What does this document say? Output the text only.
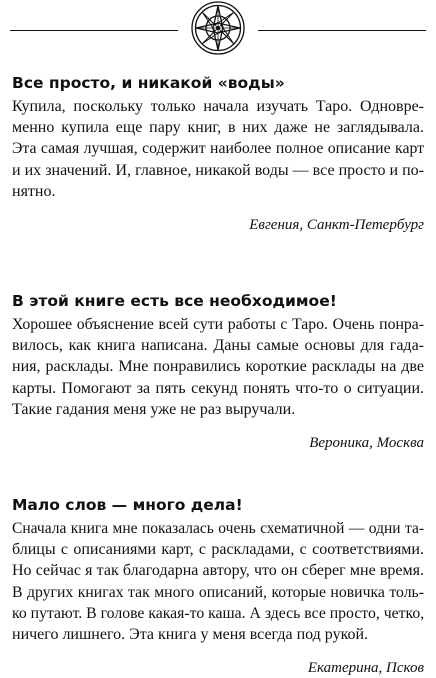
Все просто, и никакой «воды»

Купила, поскольку только начала изучать Таро. Одновре-
менно купила еще пару книг, в них даже не заглядывала.
Эта самая лучшая, содержит наиболее полное описание карт
и их значений. И, главное, никакой воды — все просто и по-
нятно.

Евгения, Санкт-Петербург
В этой книге есть все необходимое!

Хорошее объяснение всей сути работы с Таро. Очень понра-
вилось, как книга написана. Даны самые основы для гада-
ния, расклады. Мне понравились короткие расклады на две
карты. Помогают за пять секунд понять что-то о ситуации.
Такие гадания меня уже не раз выручали.

Вероника, Москва
Мало слов — много дела!

Сначала книга мне показалась очень схематичной — одни та-
блицы с описаниями карт, с раскладами, с соответствиями.
Но сейчас я так благодарна автору, что он сберег мне время.
В других книгах так много описаний, которые новичка толь-
ко путают. В голове какая-то каша. А здесь все просто, четко,
ничего лишнего. Эта книга у меня всегда под рукой.

Екатерина, Псков
